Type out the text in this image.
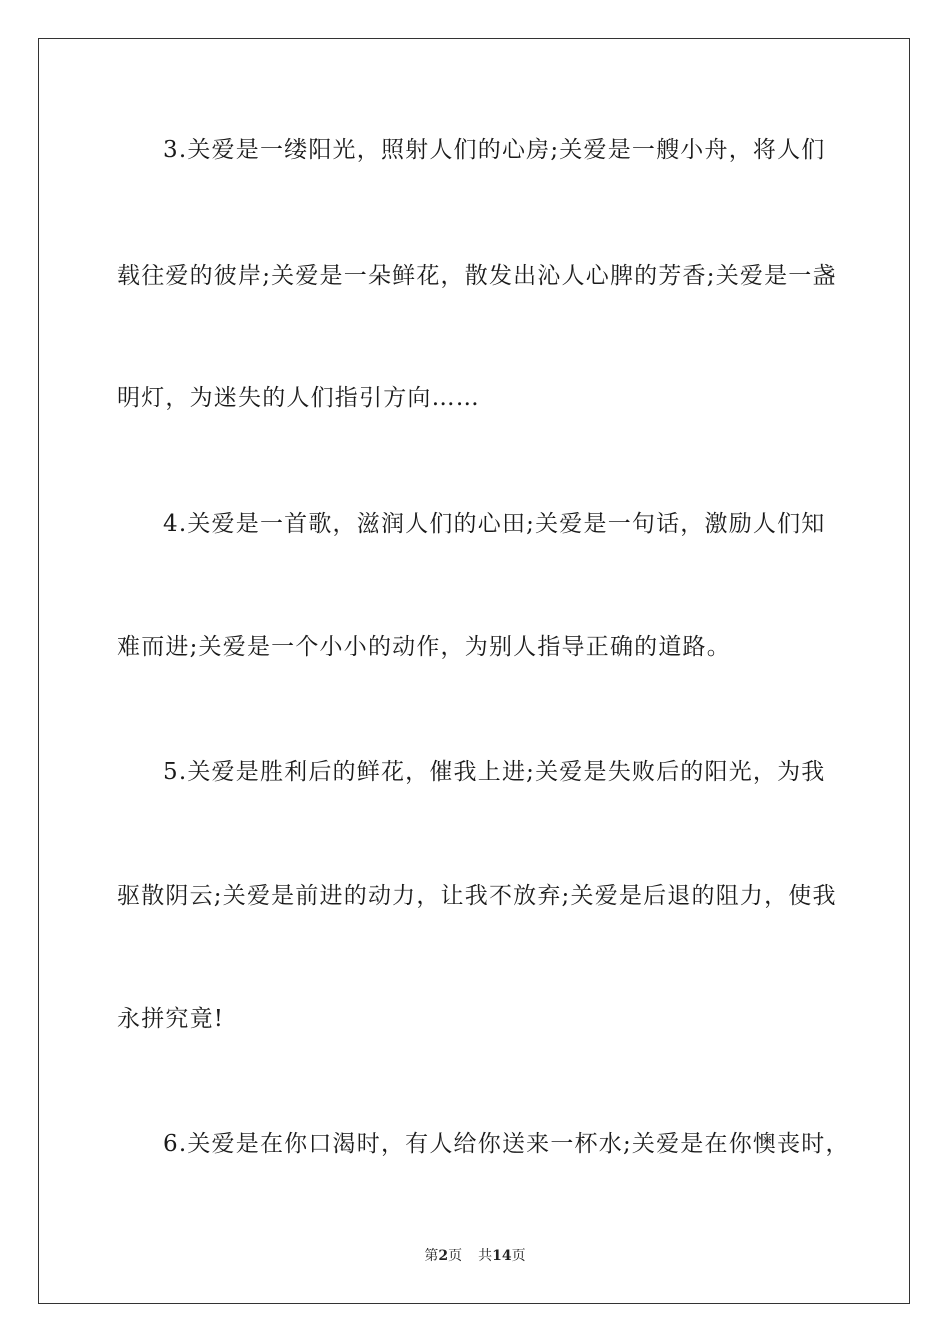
3.关爱是一缕阳光，照射人们的心房;关爱是一艘小舟，将人们
载往爱的彼岸;关爱是一朵鲜花，散发出沁人心脾的芳香;关爱是一盏
明灯，为迷失的人们指引方向……
4.关爱是一首歌，滋润人们的心田;关爱是一句话，激励人们知
难而进;关爱是一个小小的动作，为别人指导正确的道路。
5.关爱是胜利后的鲜花，催我上进;关爱是失败后的阳光，为我
驱散阴云;关爱是前进的动力，让我不放弃;关爱是后退的阻力，使我
永拼究竟!
6.关爱是在你口渴时，有人给你送来一杯水;关爱是在你懊丧时，
第2页 共14页
